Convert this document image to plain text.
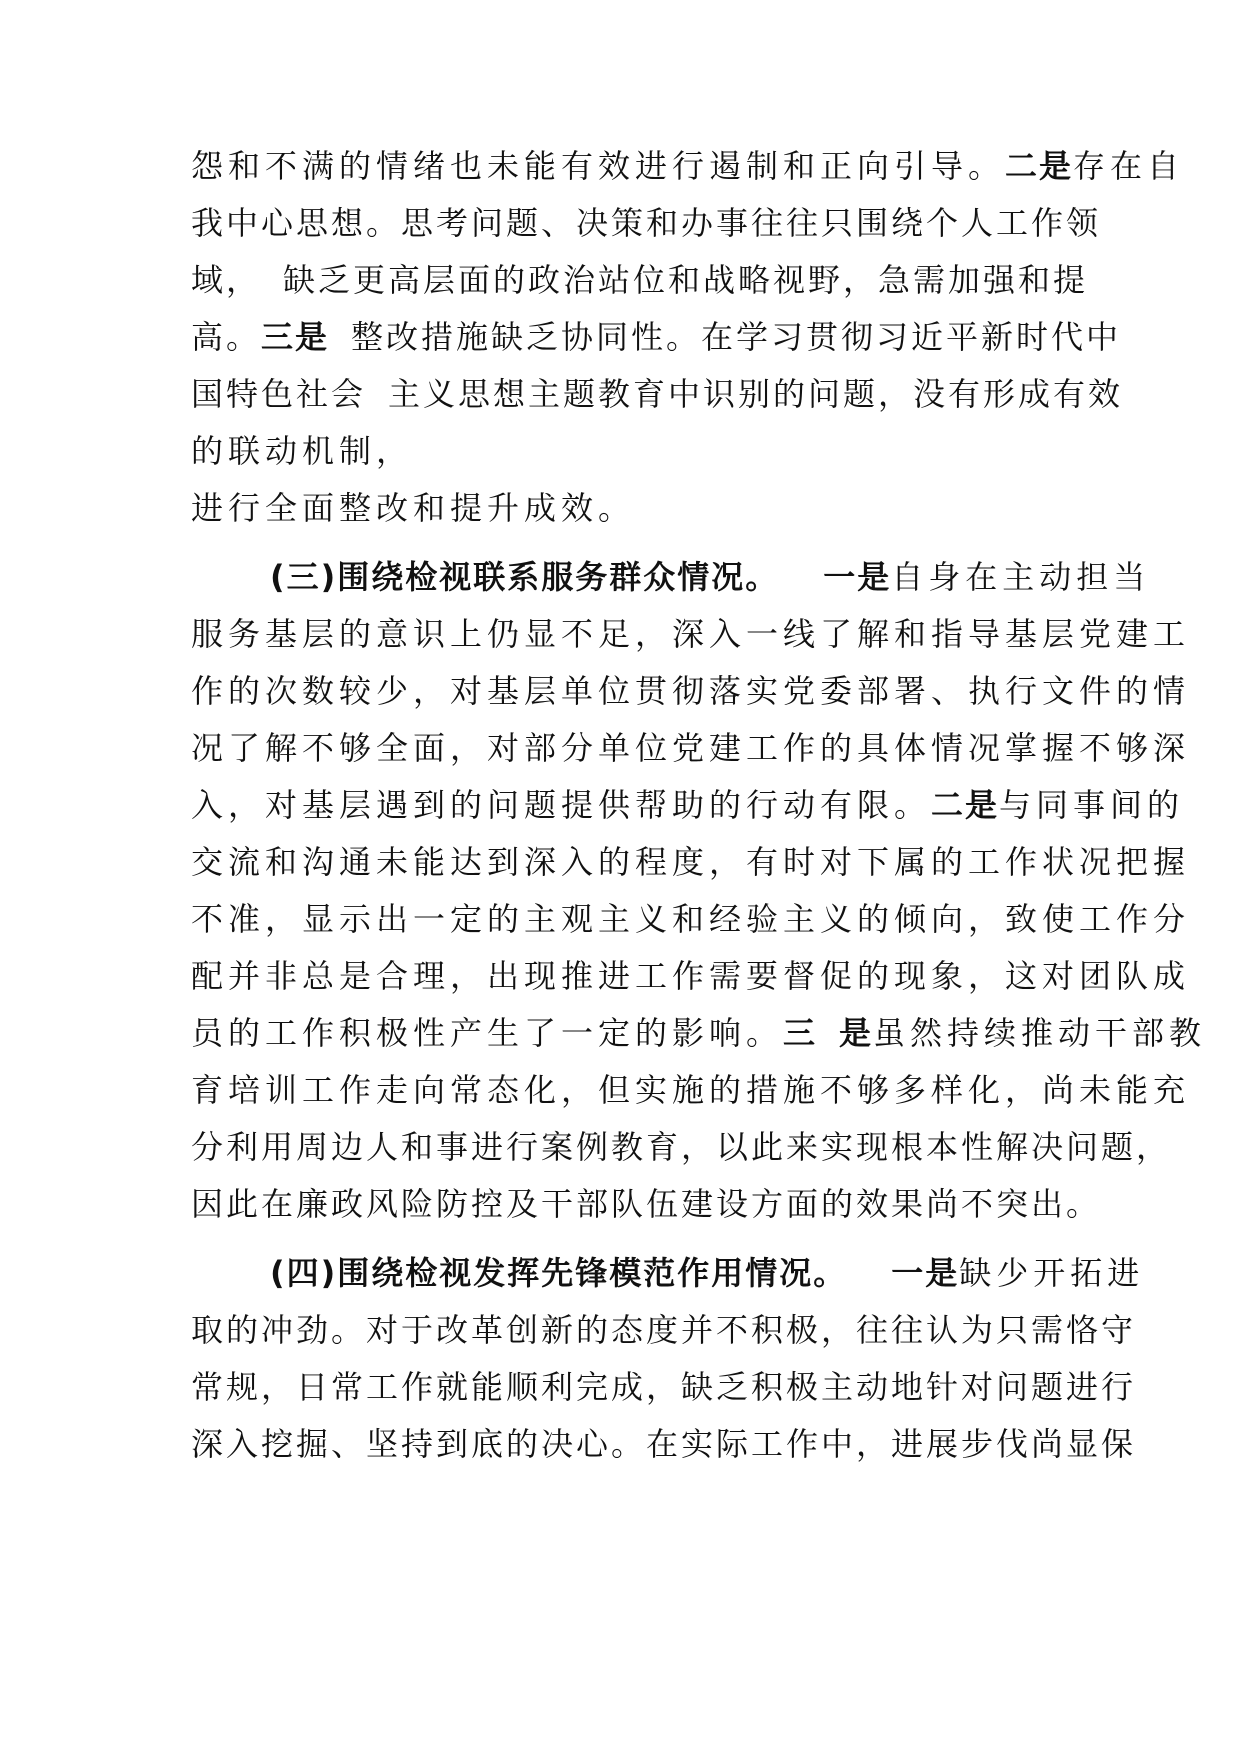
怨和不满的情绪也未能有效进行遏制和正向引导。二是存在自
我中心思想。思考问题、决策和办事往往只围绕个人工作领
域， 缺乏更高层面的政治站位和战略视野，急需加强和提
高。三是 整改措施缺乏协同性。在学习贯彻习近平新时代中
国特色社会 主义思想主题教育中识别的问题，没有形成有效
的联动机制，
进行全面整改和提升成效。
(三)围绕检视联系服务群众情况。 一是自身在主动担当
服务基层的意识上仍显不足，深入一线了解和指导基层党建工
作的次数较少，对基层单位贯彻落实党委部署、执行文件的情
况了解不够全面，对部分单位党建工作的具体情况掌握不够深
入，对基层遇到的问题提供帮助的行动有限。二是与同事间的
交流和沟通未能达到深入的程度，有时对下属的工作状况把握
不准，显示出一定的主观主义和经验主义的倾向，致使工作分
配并非总是合理，出现推进工作需要督促的现象，这对团队成
员的工作积极性产生了一定的影响。三 是虽然持续推动干部教
育培训工作走向常态化，但实施的措施不够多样化，尚未能充
分利用周边人和事进行案例教育，以此来实现根本性解决问题，
因此在廉政风险防控及干部队伍建设方面的效果尚不突出。
(四)围绕检视发挥先锋模范作用情况。 一是缺少开拓进
取的冲劲。对于改革创新的态度并不积极，往往认为只需恪守
常规，日常工作就能顺利完成，缺乏积极主动地针对问题进行
深入挖掘、坚持到底的决心。在实际工作中，进展步伐尚显保
